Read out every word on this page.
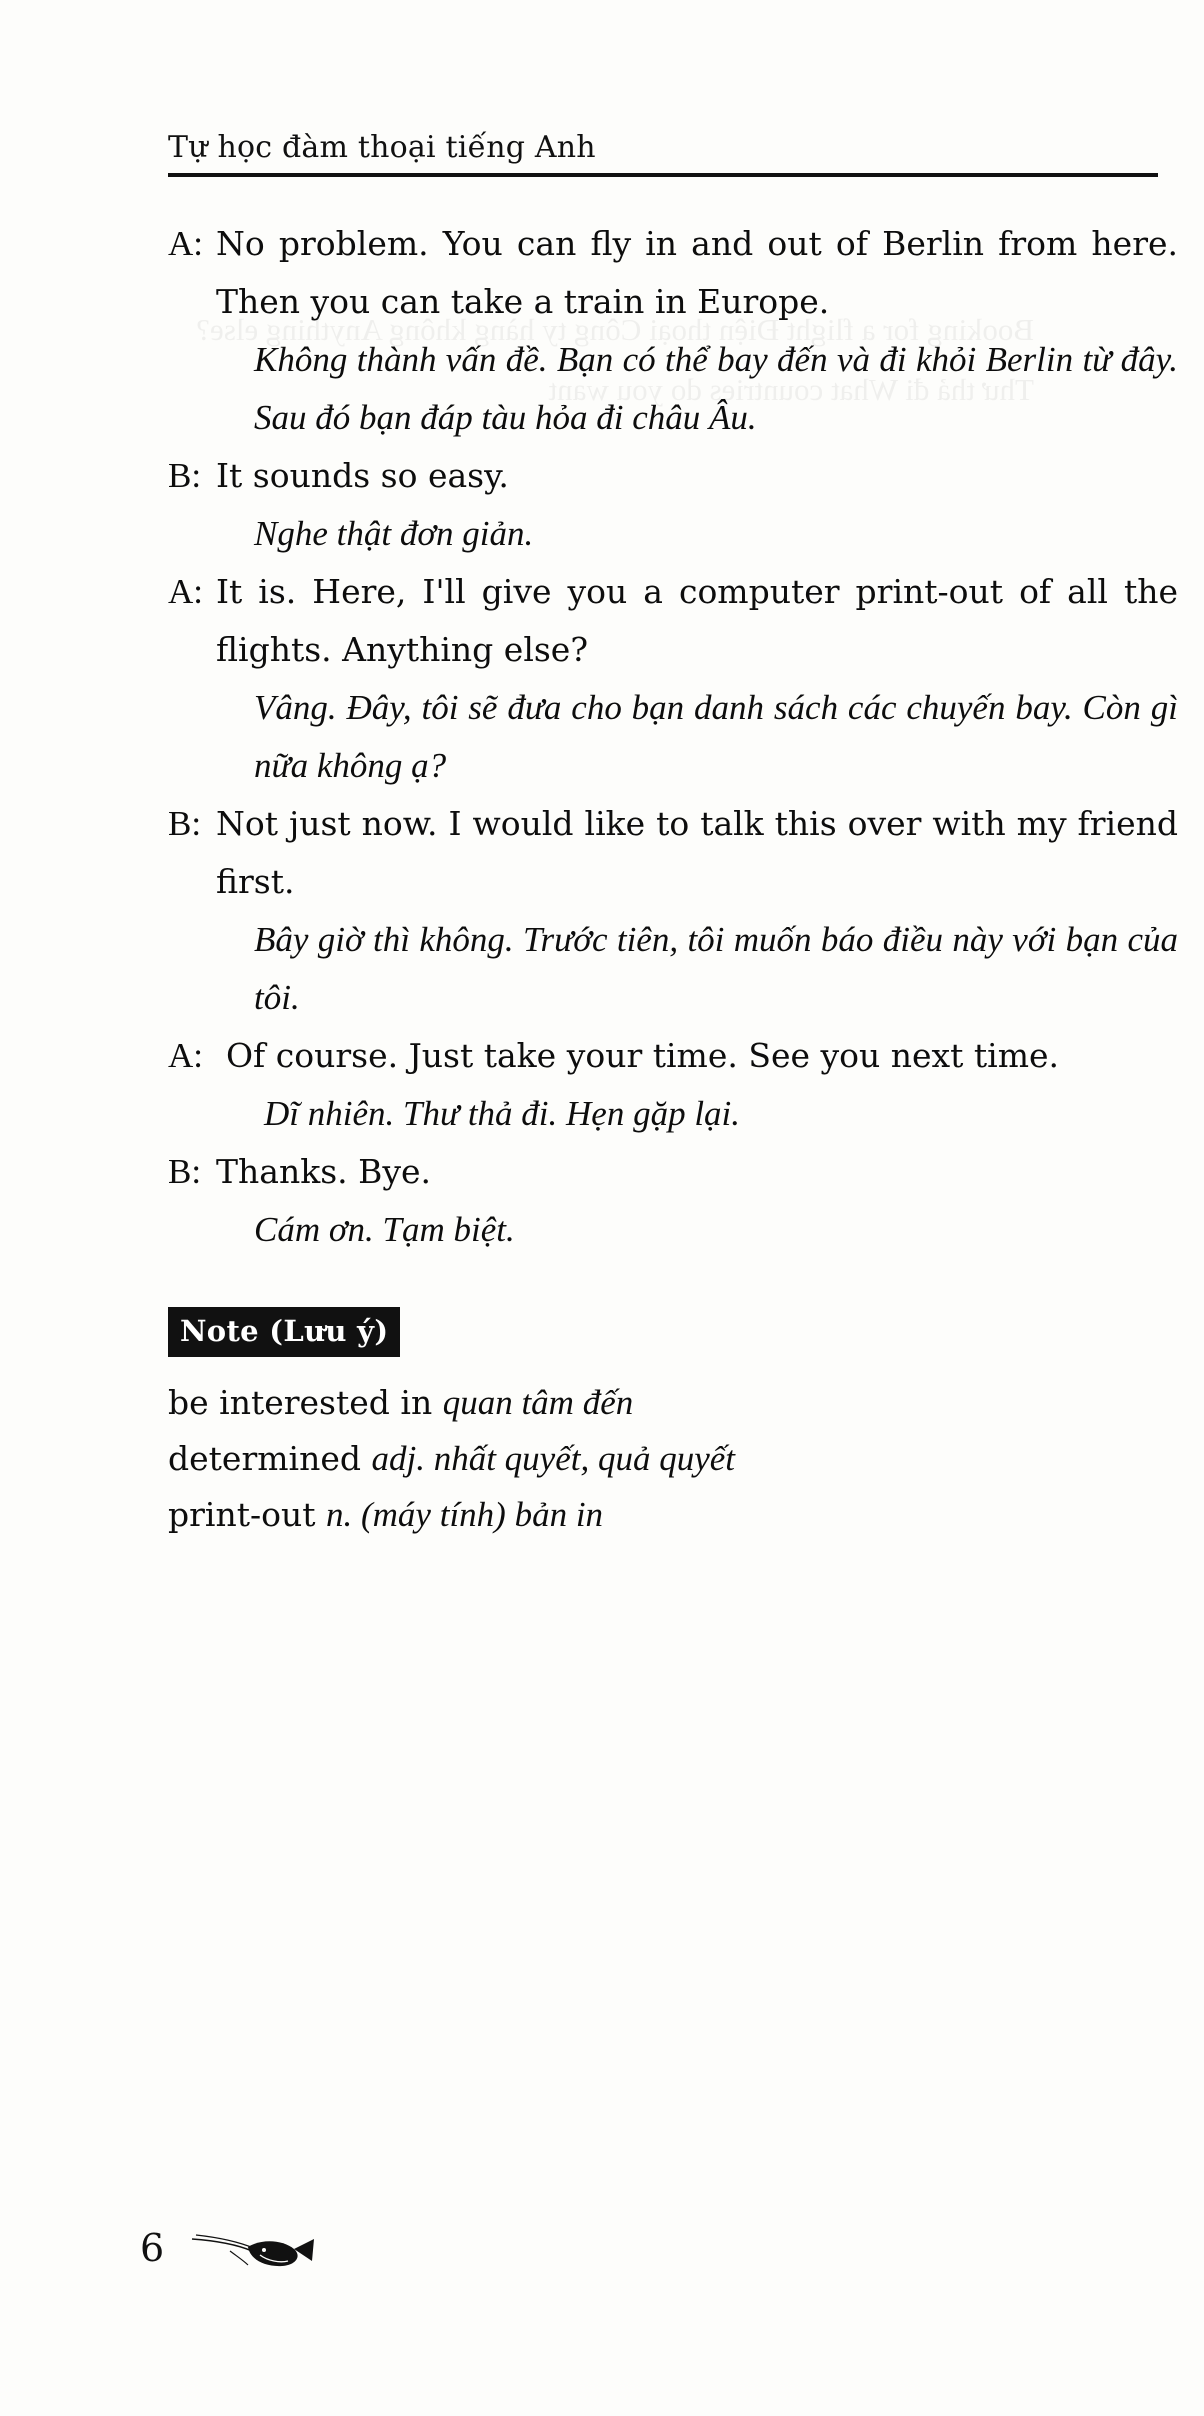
Booking for a flight Điện thoại Công ty hàng không Anything else? Thư thả đi What countries do you want
Tự học đàm thoại tiếng Anh
A: No problem. You can fly in and out of Berlin from here. Then you can take a train in Europe.
Không thành vấn đề. Bạn có thể bay đến và đi khỏi Berlin từ đây. Sau đó bạn đáp tàu hỏa đi châu Âu.
B: It sounds so easy.
Nghe thật đơn giản.
A: It is. Here, I'll give you a computer print-out of all the flights. Anything else?
Vâng. Đây, tôi sẽ đưa cho bạn danh sách các chuyến bay. Còn gì nữa không ạ?
B: Not just now. I would like to talk this over with my friend first.
Bây giờ thì không. Trước tiên, tôi muốn báo điều này với bạn của tôi.
A: Of course. Just take your time. See you next time.
Dĩ nhiên. Thư thả đi. Hẹn gặp lại.
B: Thanks. Bye.
Cám ơn. Tạm biệt.
Note (Lưu ý)
be interested in quan tâm đến
determined adj. nhất quyết, quả quyết
print-out n. (máy tính) bản in
6
